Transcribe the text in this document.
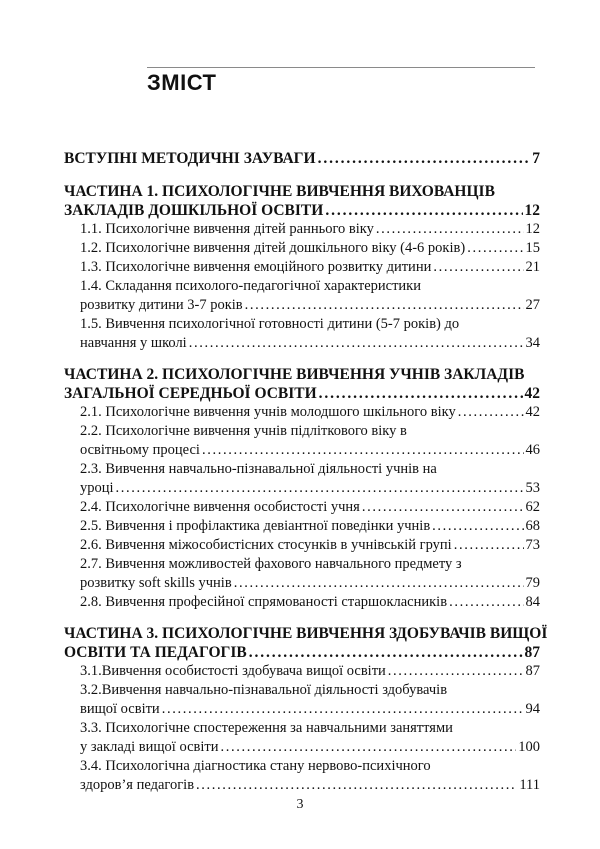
ЗМІСТ
ВСТУПНІ МЕТОДИЧНІ ЗАУВАГИ . . .	7
ЧАСТИНА 1. ПСИХОЛОГІЧНЕ ВИВЧЕННЯ ВИХОВАНЦІВ
ЗАКЛАДІВ ДОШКІЛЬНОЇ ОСВІТИ . . .	12
1.1. Психологічне вивчення дітей раннього віку . . .	12
1.2. Психологічне вивчення дітей дошкільного віку (4-6 років) . . .	15
1.3. Психологічне вивчення емоційного розвитку дитини . . .	21
1.4. Складання психолого-педагогічної характеристики
розвитку дитини 3-7 років . . .	27
1.5. Вивчення психологічної готовності дитини (5-7 років) до
навчання у школі . . .	34
ЧАСТИНА 2. ПСИХОЛОГІЧНЕ ВИВЧЕННЯ УЧНІВ ЗАКЛАДІВ
ЗАГАЛЬНОЇ СЕРЕДНЬОЇ ОСВІТИ . . .	42
2.1. Психологічне вивчення учнів молодшого шкільного віку . . .	42
2.2. Психологічне вивчення учнів підліткового віку в
освітньому процесі . . .	46
2.3. Вивчення навчально-пізнавальної діяльності учнів на
уроці . . .	53
2.4. Психологічне вивчення особистості учня . . .	62
2.5. Вивчення і профілактика девіантної поведінки учнів . . .	68
2.6. Вивчення міжособистісних стосунків в учнівській групі . . .	73
2.7. Вивчення можливостей фахового навчального предмету з
розвитку soft skills учнів . . .	79
2.8. Вивчення професійної спрямованості старшокласників . . .	84
ЧАСТИНА 3. ПСИХОЛОГІЧНЕ ВИВЧЕННЯ ЗДОБУВАЧІВ ВИЩОЇ
ОСВІТИ ТА ПЕДАГОГІВ . . .	87
3.1.Вивчення особистості здобувача вищої освіти . . .	87
3.2.Вивчення навчально-пізнавальної діяльності здобувачів
вищої освіти . . .	94
3.3. Психологічне спостереження за навчальними заняттями
у закладі вищої освіти . . .	100
3.4. Психологічна діагностика стану нервово-психічного
здоров’я педагогів . . .	111
3
